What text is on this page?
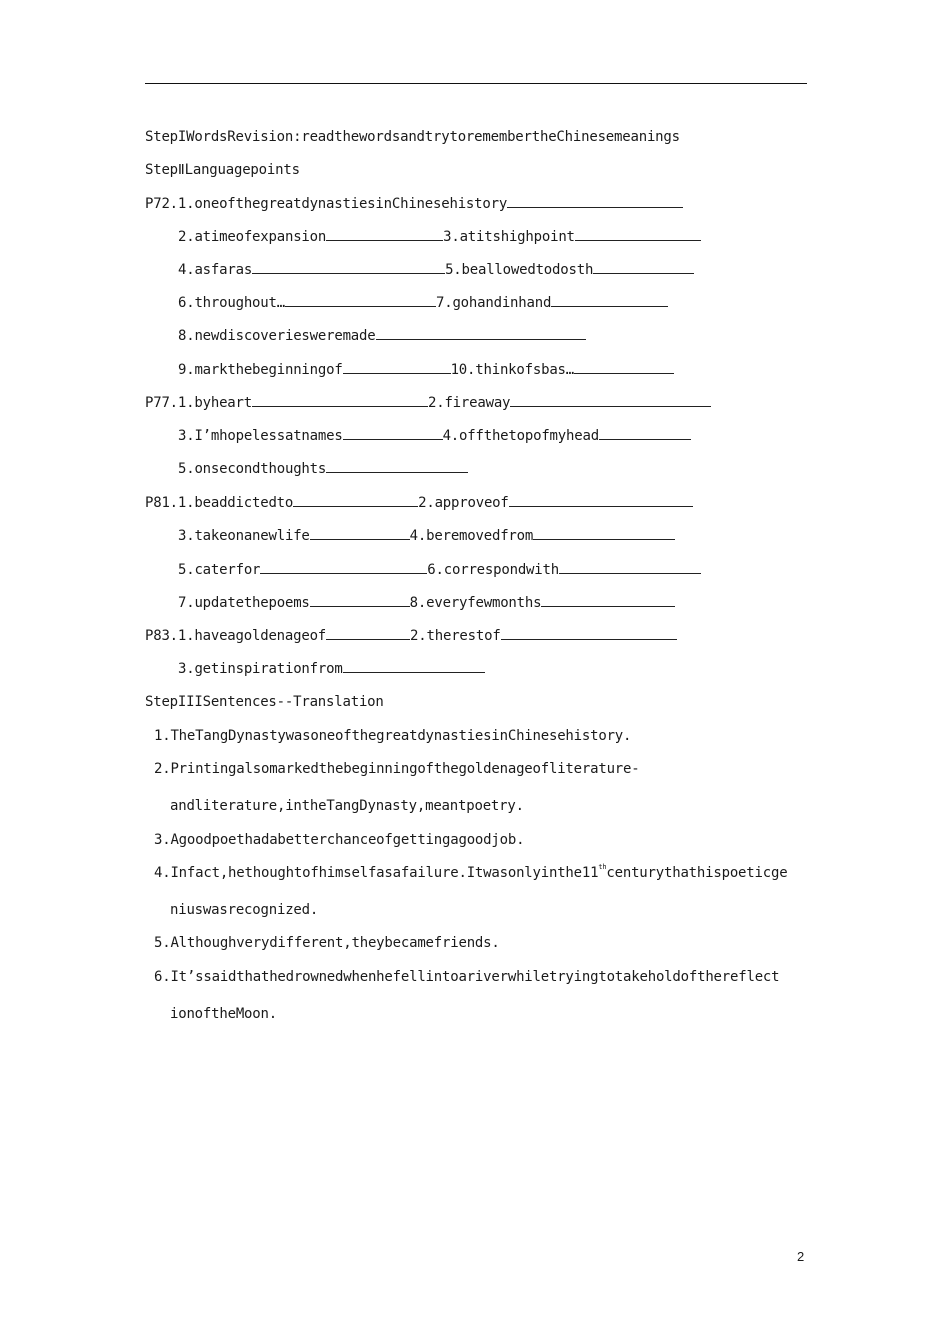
StepIWordsRevision:readthewordsandtrytoremembertheChinesemeanings
StepⅡLanguagepoints
P72.1.oneofthegreatdynastiesinChinesehistory
2.atimeofexpansion	3.atitshighpoint
4.asfaras	5.beallowedtodosth
6.throughout…	7.gohandinhand
8.newdiscoveriesweremade
9.markthebeginningof	10.thinkofsbas…
P77.1.byheart	2.fireaway
3.I’mhopelessatnames	4.offthetopofmyhead
5.onsecondthoughts
P81.1.beaddictedto	2.approveof
3.takeonanewlife	4.beremovedfrom
5.caterfor	6.correspondwith
7.updatethepoems	8.everyfewmonths
P83.1.haveagoldenageof	2.therestof
3.getinspirationfrom
StepIIISentences--Translation
1.TheTangDynastywasoneofthegreatdynastiesinChinesehistory.
2.Printingalsomarkedthebeginningofthegoldenageofliterature-
andliterature,intheTangDynasty,meantpoetry.
3.Agoodpoethadabetterchanceofgettingagoodjob.
4.Infact,hethoughtofhimselfasafailure.Itwasonlyinthe11thcenturythathispoeticge
niuswasrecognized.
5.Althoughverydifferent,theybecamefriends.
6.It’ssaidthathedrownedwhenhefellintoariverwhiletryingtotakeholdofthereflect
ionoftheMoon.
2
